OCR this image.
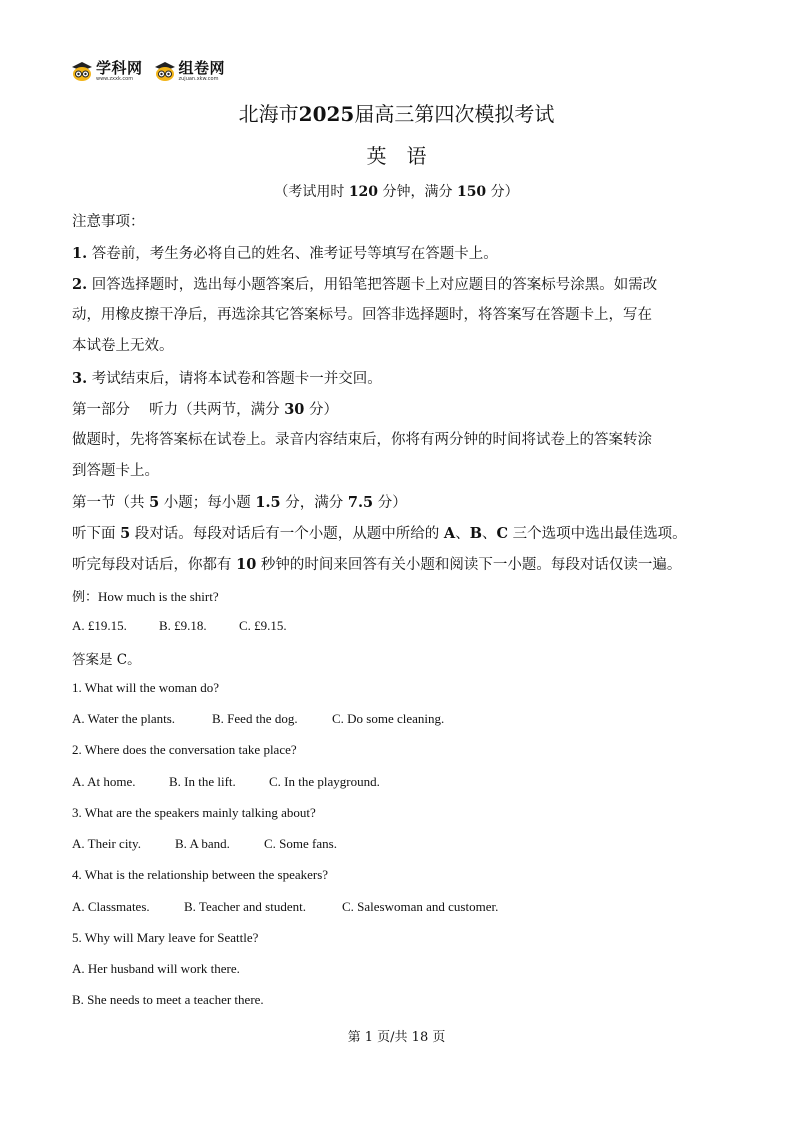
学科网
www.zxxk.com
组卷网
zujuan.xkw.com
北海市2025届高三第四次模拟考试
英　语
（考试用时 120 分钟，满分 150 分）
注意事项：
1. 答卷前，考生务必将自己的姓名、准考证号等填写在答题卡上。
2. 回答选择题时，选出每小题答案后，用铅笔把答题卡上对应题目的答案标号涂黑。如需改
动，用橡皮擦干净后，再选涂其它答案标号。回答非选择题时，将答案写在答题卡上，写在
本试卷上无效。
3. 考试结束后，请将本试卷和答题卡一并交回。
第一部分　 听力（共两节，满分 30 分）
做题时，先将答案标在试卷上。录音内容结束后，你将有两分钟的时间将试卷上的答案转涂
到答题卡上。
第一节（共 5 小题；每小题 1.5 分，满分 7.5 分）
听下面 5 段对话。每段对话后有一个小题，从题中所给的 A、B、C 三个选项中选出最佳选项。
听完每段对话后，你都有 10 秒钟的时间来回答有关小题和阅读下一小题。每段对话仅读一遍。
例：How much is the shirt?
A. £19.15. B. £9.18. C. £9.15.
答案是 C。
1. What will the woman do?
A. Water the plants.	B. Feed the dog.	C. Do some cleaning.
2. Where does the conversation take place?
A. At home.	B. In the lift.	C. In the playground.
3. What are the speakers mainly talking about?
A. Their city.	B. A band.	C. Some fans.
4. What is the relationship between the speakers?
A. Classmates.	B. Teacher and student.	C. Saleswoman and customer.
5. Why will Mary leave for Seattle?
A. Her husband will work there.
B. She needs to meet a teacher there.
第 1 页/共 18 页
